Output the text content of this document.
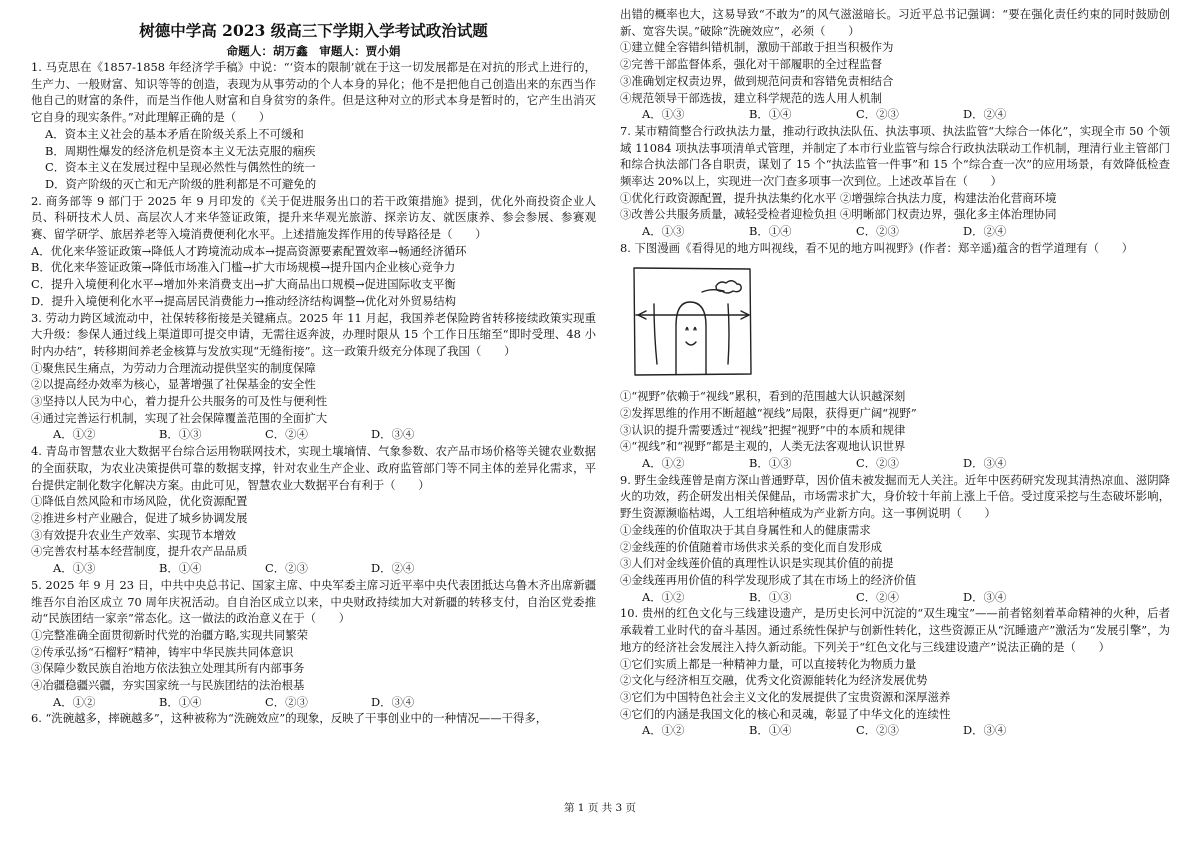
树德中学高 2023 级高三下学期入学考试政治试题
命题人：胡万鑫　审题人：贾小娟

1. 马克思在《1857-1858 年经济学手稿》中说：“‘资本的限制’就在于这一切发展都是在对抗的形式上进行的，生产力、一般财富、知识等等的创造，表现为从事劳动的个人本身的异化；他不是把他自己创造出来的东西当作他自己的财富的条件，而是当作他人财富和自身贫穷的条件。但是这种对立的形式本身是暂时的，它产生出消灭它自身的现实条件。”对此理解正确的是（　　）

A．资本主义社会的基本矛盾在阶级关系上不可缓和

B．周期性爆发的经济危机是资本主义无法克服的痼疾

C．资本主义在发展过程中呈现必然性与偶然性的统一

D．资产阶级的灭亡和无产阶级的胜利都是不可避免的

2. 商务部等 9 部门于 2025 年 9 月印发的《关于促进服务出口的若干政策措施》提到，优化外商投资企业人员、科研技术人员、高层次人才来华签证政策，提升来华观光旅游、探亲访友、就医康养、参会参展、参赛观赛、留学研学、旅居养老等入境消费便利化水平。上述措施发挥作用的传导路径是（　　）

A．优化来华签证政策→降低人才跨境流动成本→提高资源要素配置效率→畅通经济循环

B．优化来华签证政策→降低市场准入门槛→扩大市场规模→提升国内企业核心竞争力

C．提升入境便利化水平→增加外来消费支出→扩大商品出口规模→促进国际收支平衡

D．提升入境便利化水平→提高居民消费能力→推动经济结构调整→优化对外贸易结构

3. 劳动力跨区域流动中，社保转移衔接是关键痛点。2025 年 11 月起，我国养老保险跨省转移接续政策实现重大升级：参保人通过线上渠道即可提交申请，无需往返奔波，办理时限从 15 个工作日压缩至“即时受理、48 小时内办结”，转移期间养老金核算与发放实现“无缝衔接”。这一政策升级充分体现了我国（　　）

①聚焦民生痛点，为劳动力合理流动提供坚实的制度保障

②以提高经办效率为核心，显著增强了社保基金的安全性

③坚持以人民为中心，着力提升公共服务的可及性与便利性

④通过完善运行机制，实现了社会保障覆盖范围的全面扩大

A．①②	B．①③	C．②④	D．③④

4. 青岛市智慧农业大数据平台综合运用物联网技术，实现土壤墒情、气象参数、农产品市场价格等关键农业数据的全面获取，为农业决策提供可靠的数据支撑，针对农业生产企业、政府监管部门等不同主体的差异化需求，平台提供定制化数字化解决方案。由此可见，智慧农业大数据平台有利于（　　）

①降低自然风险和市场风险，优化资源配置

②推进乡村产业融合，促进了城乡协调发展

③有效提升农业生产效率、实现节本增效

④完善农村基本经营制度，提升农产品品质

A．①③	B．①④	C．②③	D．②④

5. 2025 年 9 月 23 日，中共中央总书记、国家主席、中央军委主席习近平率中央代表团抵达乌鲁木齐出席新疆维吾尔自治区成立 70 周年庆祝活动。自自治区成立以来，中央财政持续加大对新疆的转移支付，自治区党委推动“民族团结一家亲”常态化。这一做法的政治意义在于（　　）

①完整准确全面贯彻新时代党的治疆方略,实现共同繁荣

②传承弘扬“石榴籽”精神，铸牢中华民族共同体意识

③保障少数民族自治地方依法独立处理其所有内部事务

④冶疆稳疆兴疆，夯实国家统一与民族团结的法治根基

A．①②	B．①④	C．②③	D．③④

6. “洗碗越多，摔碗越多”，这种被称为“洗碗效应”的现象，反映了干事创业中的一种情况——干得多，

出错的概率也大，这易导致“不敢为”的风气滋滋暗长。习近平总书记强调：“要在强化责任约束的同时鼓励创新、宽容失误。”破除“洗碗效应”，必须（　　）

①建立健全容错纠错机制，激励干部敢于担当积极作为

②完善干部监督体系，强化对干部履职的全过程监督

③准确划定权责边界，做到规范问责和容错免责相结合

④规范领导干部选拔，建立科学规范的选人用人机制

A．①③	B．①④	C．②③	D．②④

7. 某市精简整合行政执法力量，推动行政执法队伍、执法事项、执法监管“大综合一体化”，实现全市 50 个领域 11084 项执法事项清单式管理，并制定了本市行业监管与综合行政执法联动工作机制，理清行业主管部门和综合执法部门各自职责，谋划了 15 个“执法监管一件事”和 15 个“综合查一次”的应用场景，有效降低检查频率达 20%以上，实现进一次门查多项事一次到位。上述改革旨在（　　）

①优化行政资源配置，提升执法集约化水平 ②增强综合执法力度，构建法治化营商环境

③改善公共服务质量，减轻受检者迎检负担 ④明晰部门权责边界，强化多主体治理协同

A．①③	B．①④	C．②③	D．②④

8. 下图漫画《看得见的地方叫视线，看不见的地方叫视野》(作者：郑辛遥)蕴含的哲学道理有（　　）

①“视野”依赖于“视线”累积，看到的范围越大认识越深刻

②发挥思维的作用不断超越“视线”局限，获得更广阔“视野”

③认识的提升需要透过“视线”把握“视野”中的本质和规律

④“视线”和“视野”都是主观的，人类无法客观地认识世界

A．①②	B．①③	C．②③	D．③④

9. 野生金线莲曾是南方深山普通野草，因价值未被发掘而无人关注。近年中医药研究发现其清热凉血、滋阴降火的功效，药企研发出相关保健品，市场需求扩大，身价较十年前上涨上千倍。受过度采挖与生态破坏影响，野生资源濒临枯竭，人工组培种植成为产业新方向。这一事例说明（　　）

①金线莲的价值取决于其自身属性和人的健康需求

②金线莲的价值随着市场供求关系的变化而自发形成

③人们对金线莲价值的真理性认识是实现其价值的前提

④金线莲再用价值的科学发现形成了其在市场上的经济价值

A．①②	B．①③	C．②④	D．③④

10. 贵州的红色文化与三线建设遗产，是历史长河中沉淀的“双生瑰宝”——前者铭刻着革命精神的火种，后者承载着工业时代的奋斗基因。通过系统性保护与创新性转化，这些资源正从“沉睡遗产”激活为“发展引擎”，为地方的经济社会发展注入持久新动能。下列关于“红色文化与三线建设遗产”说法正确的是（　　）

①它们实质上都是一种精神力量，可以直接转化为物质力量

②文化与经济相互交融，优秀文化资源能转化为经济发展优势

③它们为中国特色社会主义文化的发展提供了宝贵资源和深厚滋养

④它们的内涵是我国文化的核心和灵魂，彰显了中华文化的连续性

A．①②	B．①④	C．②③	D．③④
第 1 页 共 3 页
